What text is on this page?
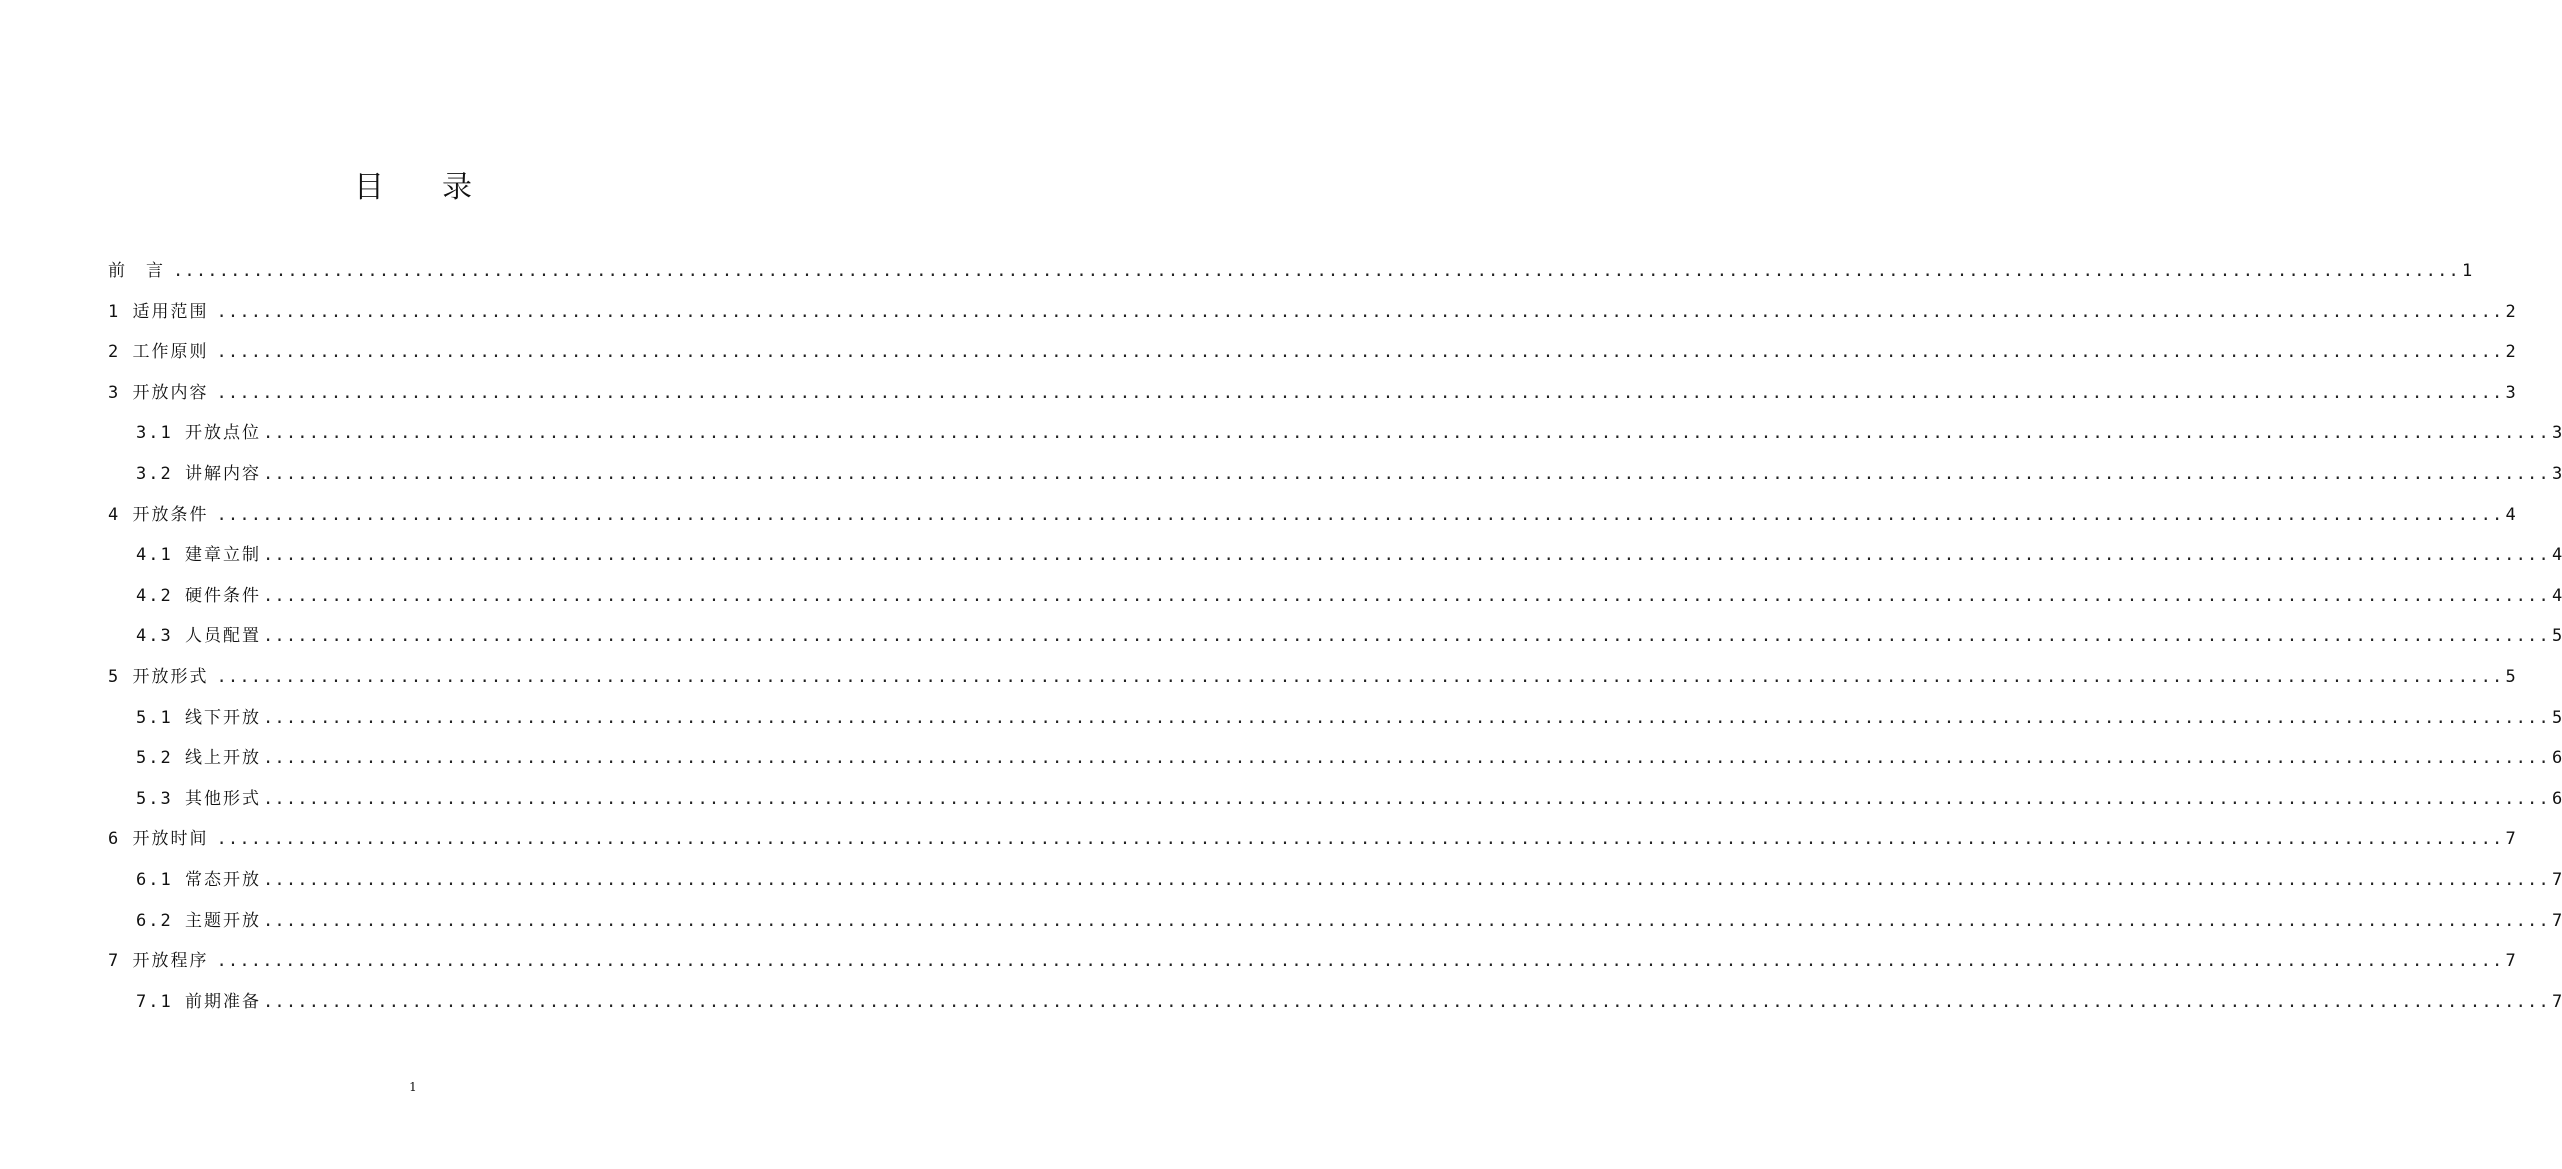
目录
前　言 ........................................................................................................................................................................................................ 1
1 适用范围 ........................................................................................................................................................................................................ 2
2 工作原则 ........................................................................................................................................................................................................ 2
3 开放内容 ........................................................................................................................................................................................................ 3
3.1 开放点位 ........................................................................................................................................................................................................ 3
3.2 讲解内容 ........................................................................................................................................................................................................ 3
4 开放条件 ........................................................................................................................................................................................................ 4
4.1 建章立制 ........................................................................................................................................................................................................ 4
4.2 硬件条件 ........................................................................................................................................................................................................ 4
4.3 人员配置 ........................................................................................................................................................................................................ 5
5 开放形式 ........................................................................................................................................................................................................ 5
5.1 线下开放 ........................................................................................................................................................................................................ 5
5.2 线上开放 ........................................................................................................................................................................................................ 6
5.3 其他形式 ........................................................................................................................................................................................................ 6
6 开放时间 ........................................................................................................................................................................................................ 7
6.1 常态开放 ........................................................................................................................................................................................................ 7
6.2 主题开放 ........................................................................................................................................................................................................ 7
7 开放程序 ........................................................................................................................................................................................................ 7
7.1 前期准备 ........................................................................................................................................................................................................ 7
1
